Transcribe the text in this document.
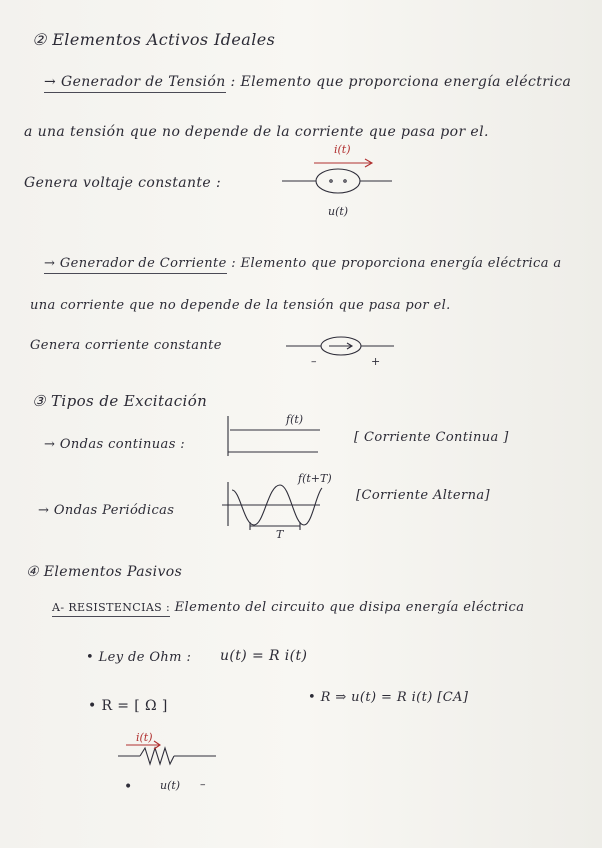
② Elementos Activos Ideales
→ Generador de Tensión : Elemento que proporciona energía eléctrica
a una tensión que no depende de la corriente que pasa por el.
Genera voltaje constante :
i(t)
u(t)
→ Generador de Corriente : Elemento que proporciona energía eléctrica a
una corriente que no depende de la tensión que pasa por el.
Genera corriente constante
–	+
③ Tipos de Excitación
→ Ondas continuas :
f(t)
[ Corriente Continua ]
→ Ondas Periódicas
f(t+T)
T
[Corriente Alterna]
④ Elementos Pasivos
A- RESISTENCIAS : Elemento del circuito que disipa energía eléctrica
• Ley de Ohm : u(t) = R i(t)
• R = [ Ω ]
• R ⇒ u(t) = R i(t) [CA]
i(t)
u(t)
•	–
